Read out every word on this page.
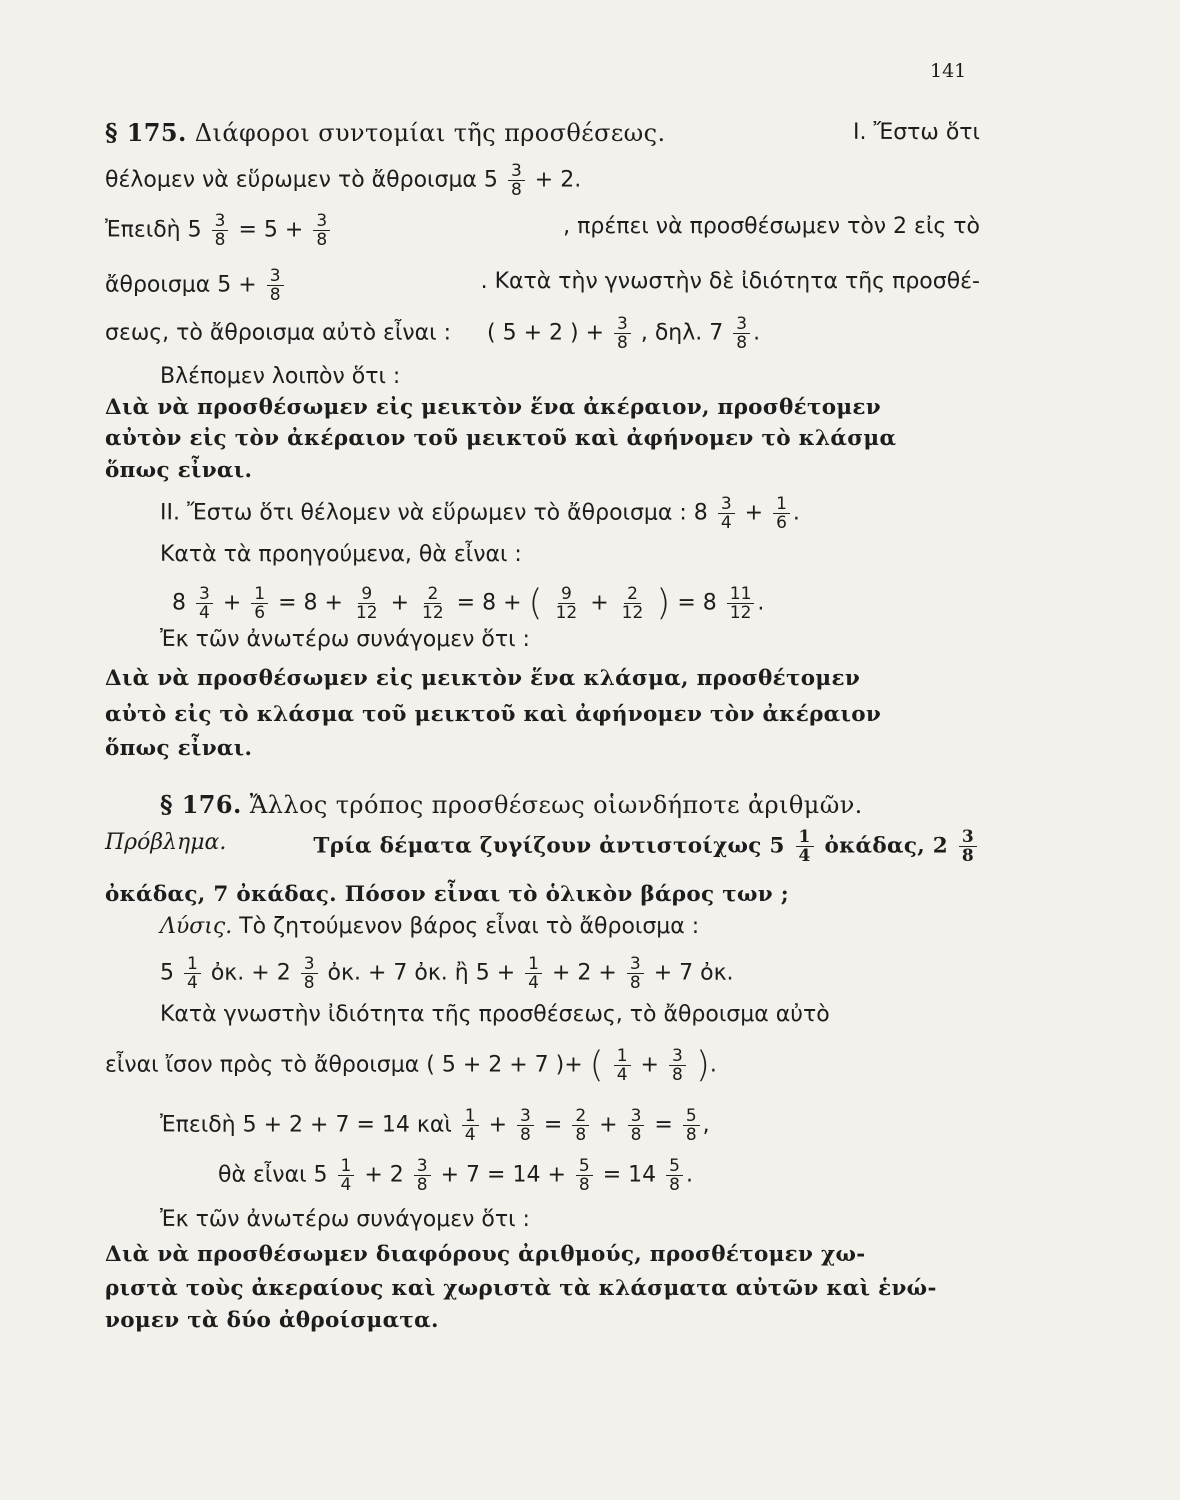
141
§ 175. Διάφοροι συντομίαι τῆς προσθέσεως.	Ι. Ἔστω ὅτι
θέλομεν νὰ εὕρωμεν τὸ ἄθροισμα $5 \frac{3}{8} + 2$.
Ἐπειδὴ $5 \frac{3}{8} = 5 + \frac{3}{8}$	, πρέπει νὰ προσθέσωμεν τὸν 2 εἰς τὸ
ἄθροισμα $5 + \frac{3}{8}$	. Κατὰ τὴν γνωστὴν δὲ ἰδιότητα τῆς προσθέ-
σεως, τὸ ἄθροισμα αὐτὸ εἶναι : ( 5 + 2 ) + $\frac{3}{8}$ , δηλ. $7 \frac{3}{8}$ .
Βλέπομεν λοιπὸν ὅτι :
Διὰ νὰ προσθέσωμεν εἰς μεικτὸν ἕνα ἀκέραιον, προσθέτομεν
αὐτὸν εἰς τὸν ἀκέραιον τοῦ μεικτοῦ καὶ ἀφήνομεν τὸ κλάσμα
ὅπως εἶναι.
ΙΙ. Ἔστω ὅτι θέλομεν νὰ εὕρωμεν τὸ ἄθροισμα : $8 \frac{3}{4} + \frac{1}{6}$ .
Κατὰ τὰ προηγούμενα, θὰ εἶναι :
$8 \frac{3}{4} + \frac{1}{6} = 8 + \frac{9}{12} + \frac{2}{12} = 8$ + ( $\frac{9}{12} + \frac{2}{12}$ ) = $8 \frac{11}{12}$ .
Ἐκ τῶν ἀνωτέρω συνάγομεν ὅτι :
Διὰ νὰ προσθέσωμεν εἰς μεικτὸν ἕνα κλάσμα, προσθέτομεν
αὐτὸ εἰς τὸ κλάσμα τοῦ μεικτοῦ καὶ ἀφήνομεν τὸν ἀκέραιον
ὅπως εἶναι.
§ 176. Ἄλλος τρόπος προσθέσεως οἱωνδήποτε ἀριθμῶν.
Πρόβλημα.	Τρία δέματα ζυγίζουν ἀντιστοίχως $5 \frac{1}{4}$ ὀκάδας, $2 \frac{3}{8}$
ὀκάδας, 7 ὀκάδας. Πόσον εἶναι τὸ ὁλικὸν βάρος των ;
Λύσις. Τὸ ζητούμενον βάρος εἶναι τὸ ἄθροισμα :
$5 \frac{1}{4}$ ὀκ. + $2 \frac{3}{8}$ ὀκ. + 7 ὀκ. ἢ $5 + \frac{1}{4} + 2 + \frac{3}{8} + 7$ ὀκ.
Κατὰ γνωστὴν ἰδιότητα τῆς προσθέσεως, τὸ ἄθροισμα αὐτὸ
εἶναι ἴσον πρὸς τὸ ἄθροισμα ( 5 + 2 + 7 )+ ( $\frac{1}{4} + \frac{3}{8}$ ).
Ἐπειδὴ 5 + 2 + 7 = 14 καὶ $\frac{1}{4} + \frac{3}{8} = \frac{2}{8} + \frac{3}{8} = \frac{5}{8}$ ,
θὰ εἶναι $5 \frac{1}{4} + 2 \frac{3}{8} + 7 = 14 + \frac{5}{8} = 14 \frac{5}{8}$ .
Ἐκ τῶν ἀνωτέρω συνάγομεν ὅτι :
Διὰ νὰ προσθέσωμεν διαφόρους ἀριθμούς, προσθέτομεν χω-
ριστὰ τοὺς ἀκεραίους καὶ χωριστὰ τὰ κλάσματα αὐτῶν καὶ ἑνώ-
νομεν τὰ δύο ἀθροίσματα.
